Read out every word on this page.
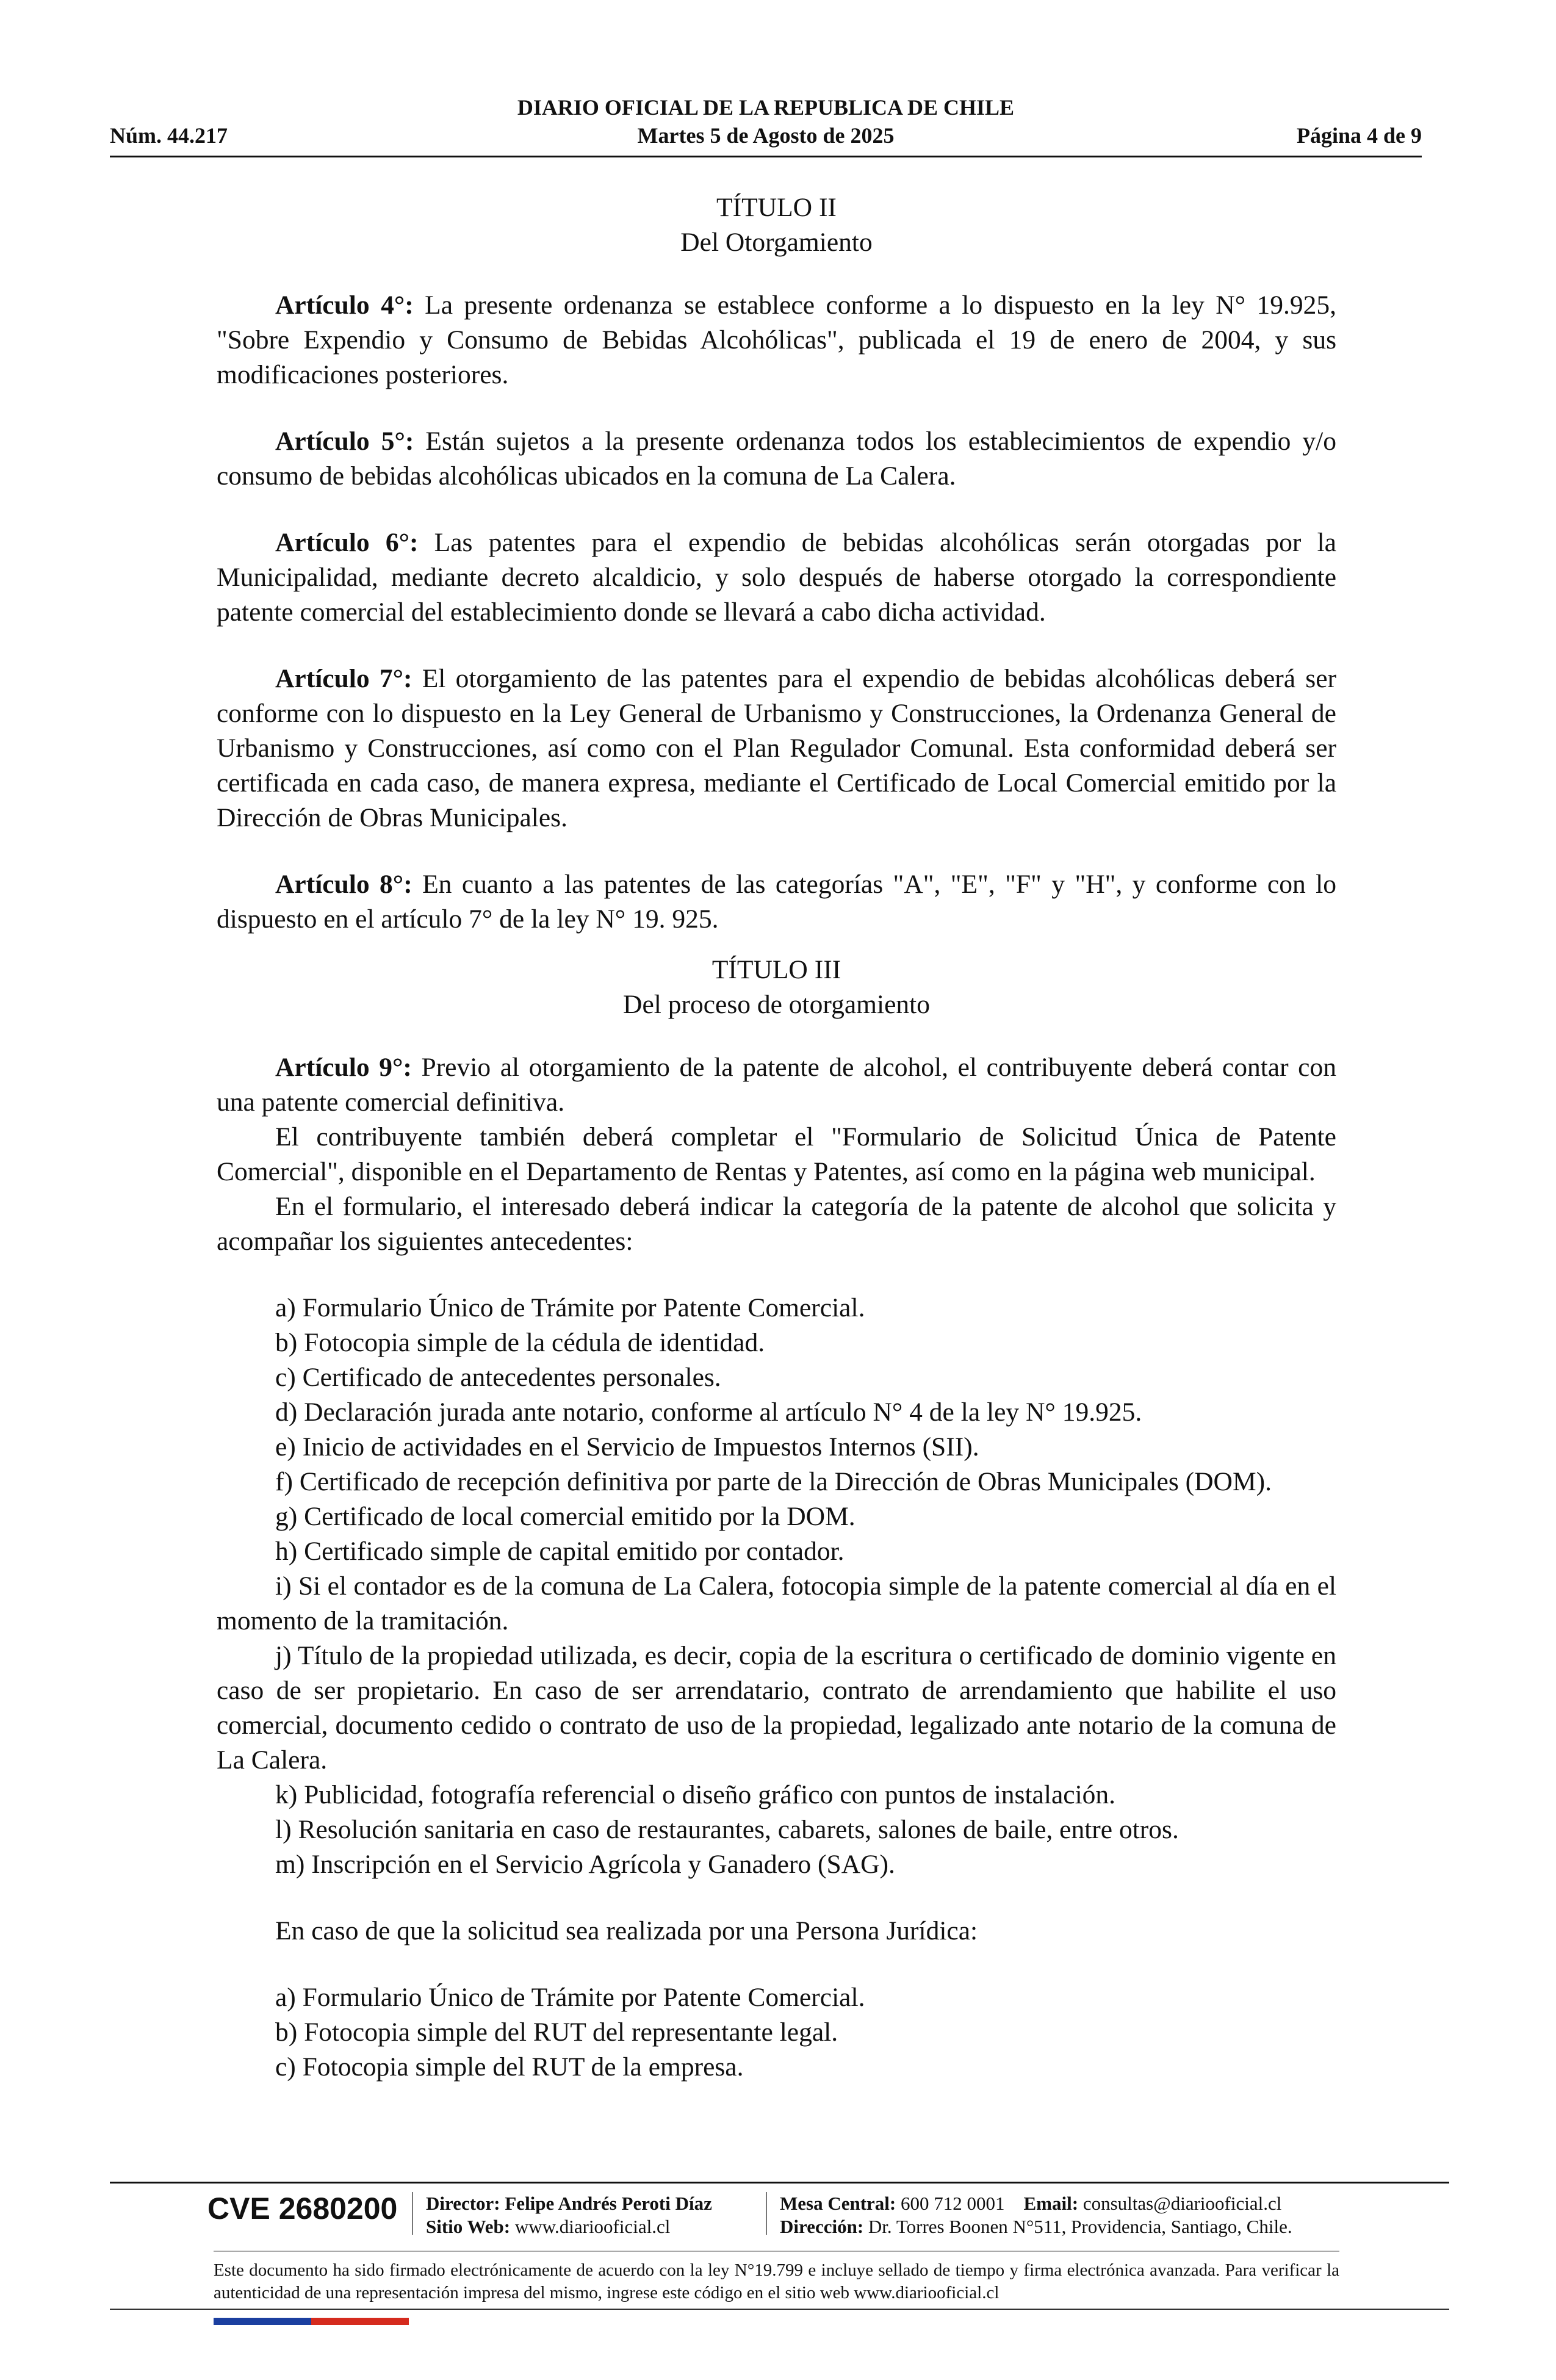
DIARIO OFICIAL DE LA REPUBLICA DE CHILE
Núm. 44.217	Martes 5 de Agosto de 2025	Página 4 de 9
TÍTULO II
Del Otorgamiento

Artículo 4°: La presente ordenanza se establece conforme a lo dispuesto en la ley N° 19.925, "Sobre Expendio y Consumo de Bebidas Alcohólicas", publicada el 19 de enero de 2004, y sus modificaciones posteriores.

Artículo 5°: Están sujetos a la presente ordenanza todos los establecimientos de expendio y/o consumo de bebidas alcohólicas ubicados en la comuna de La Calera.

Artículo 6°: Las patentes para el expendio de bebidas alcohólicas serán otorgadas por la Municipalidad, mediante decreto alcaldicio, y solo después de haberse otorgado la correspondiente patente comercial del establecimiento donde se llevará a cabo dicha actividad.

Artículo 7°: El otorgamiento de las patentes para el expendio de bebidas alcohólicas deberá ser conforme con lo dispuesto en la Ley General de Urbanismo y Construcciones, la Ordenanza General de Urbanismo y Construcciones, así como con el Plan Regulador Comunal. Esta conformidad deberá ser certificada en cada caso, de manera expresa, mediante el Certificado de Local Comercial emitido por la Dirección de Obras Municipales.

Artículo 8°: En cuanto a las patentes de las categorías "A", "E", "F" y "H", y conforme con lo dispuesto en el artículo 7° de la ley N° 19. 925.

TÍTULO III
Del proceso de otorgamiento

Artículo 9°: Previo al otorgamiento de la patente de alcohol, el contribuyente deberá contar con una patente comercial definitiva.

El contribuyente también deberá completar el "Formulario de Solicitud Única de Patente Comercial", disponible en el Departamento de Rentas y Patentes, así como en la página web municipal.

En el formulario, el interesado deberá indicar la categoría de la patente de alcohol que solicita y acompañar los siguientes antecedentes:

a) Formulario Único de Trámite por Patente Comercial.

b) Fotocopia simple de la cédula de identidad.

c) Certificado de antecedentes personales.

d) Declaración jurada ante notario, conforme al artículo N° 4 de la ley N° 19.925.

e) Inicio de actividades en el Servicio de Impuestos Internos (SII).

f) Certificado de recepción definitiva por parte de la Dirección de Obras Municipales (DOM).

g) Certificado de local comercial emitido por la DOM.

h) Certificado simple de capital emitido por contador.

i) Si el contador es de la comuna de La Calera, fotocopia simple de la patente comercial al día en el momento de la tramitación.

j) Título de la propiedad utilizada, es decir, copia de la escritura o certificado de dominio vigente en caso de ser propietario. En caso de ser arrendatario, contrato de arrendamiento que habilite el uso comercial, documento cedido o contrato de uso de la propiedad, legalizado ante notario de la comuna de La Calera.

k) Publicidad, fotografía referencial o diseño gráfico con puntos de instalación.

l) Resolución sanitaria en caso de restaurantes, cabarets, salones de baile, entre otros.

m) Inscripción en el Servicio Agrícola y Ganadero (SAG).

En caso de que la solicitud sea realizada por una Persona Jurídica:

a) Formulario Único de Trámite por Patente Comercial.

b) Fotocopia simple del RUT del representante legal.

c) Fotocopia simple del RUT de la empresa.

CVE 2680200 Director: Felipe Andrés Peroti Díaz
Sitio Web: www.diariooficial.cl
Mesa Central: 600 712 0001 Email: consultas@diariooficial.cl
Dirección: Dr. Torres Boonen N°511, Providencia, Santiago, Chile.
Este documento ha sido firmado electrónicamente de acuerdo con la ley N°19.799 e incluye sellado de tiempo y firma electrónica avanzada. Para verificar la autenticidad de una representación impresa del mismo, ingrese este código en el sitio web www.diariooficial.cl
